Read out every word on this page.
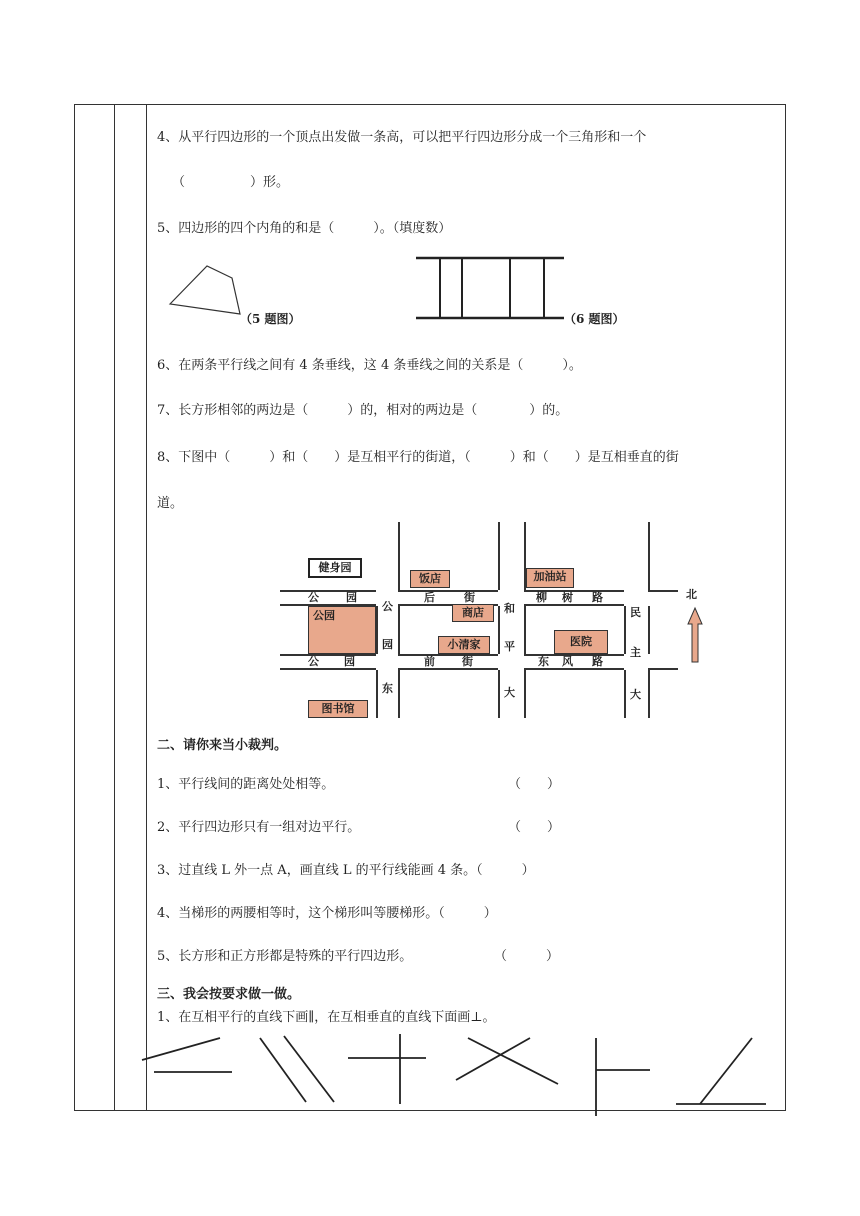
4、从平行四边形的一个顶点出发做一条高，可以把平行四边形分成一个三角形和一个
（　　　　　）形。
5、四边形的四个内角的和是（　　　）。（填度数）
（5 题图）	（6 题图）
6、在两条平行线之间有 4 条垂线，这 4 条垂线之间的关系是（　　　）。
7、长方形相邻的两边是（　　　）的，相对的两边是（　　　　）的。
8、下图中（　　　）和（　　）是互相平行的街道，（　　　）和（　　）是互相垂直的街
道。
健身园
饭店	加油站
商店
公园
小清家	医院
图书馆
公 园	后	街	柳 树 路
公 园	前 街	东 风 路
公
园
东
和
平
大
民
主
大
北
二、请你来当小裁判。
1、平行线间的距离处处相等。	（　　）
2、平行四边形只有一组对边平行。	（　　）
3、过直线 L 外一点 A，画直线 L 的平行线能画 4 条。（　　　）
4、当梯形的两腰相等时，这个梯形叫等腰梯形。（　　　）
5、长方形和正方形都是特殊的平行四边形。	（　　　）
三、我会按要求做一做。
1、在互相平行的直线下画∥，在互相垂直的直线下面画⊥。
